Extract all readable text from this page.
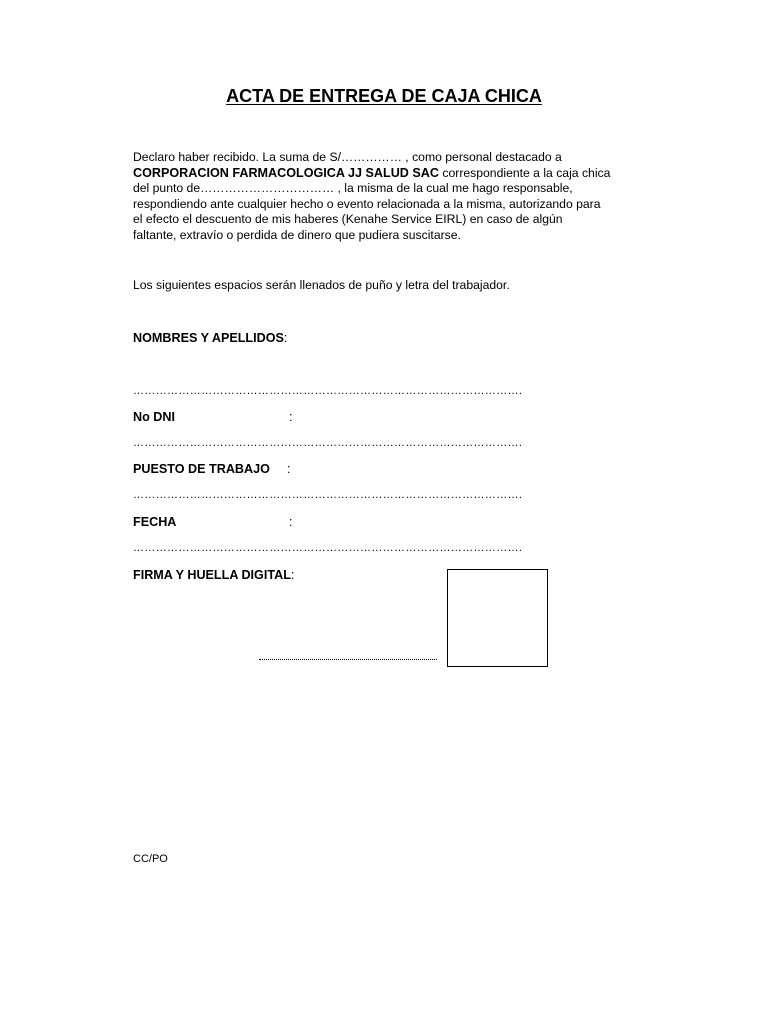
ACTA DE ENTREGA DE CAJA CHICA
Declaro haber recibido. La suma de S/…………… , como personal destacado a
CORPORACION FARMACOLOGICA JJ SALUD SAC correspondiente a la caja chica
del punto de…………………………… , la misma de la cual me hago responsable,
respondiendo ante cualquier hecho o evento relacionada a la misma, autorizando para
el efecto el descuento de mis haberes (Kenahe Service EIRL) en caso de algún
faltante, extravío o perdida de dinero que pudiera suscitarse.
Los siguientes espacios serán llenados de puño y letra del trabajador.
NOMBRES Y APELLIDOS:
………………………………………………………………………………………….
No DNI	:
………………………………………………………………………………………….
PUESTO DE TRABAJO :
………………………………………………………………………………………….
FECHA	:
………………………………………………………………………………………….
FIRMA Y HUELLA DIGITAL:
CC/PO
